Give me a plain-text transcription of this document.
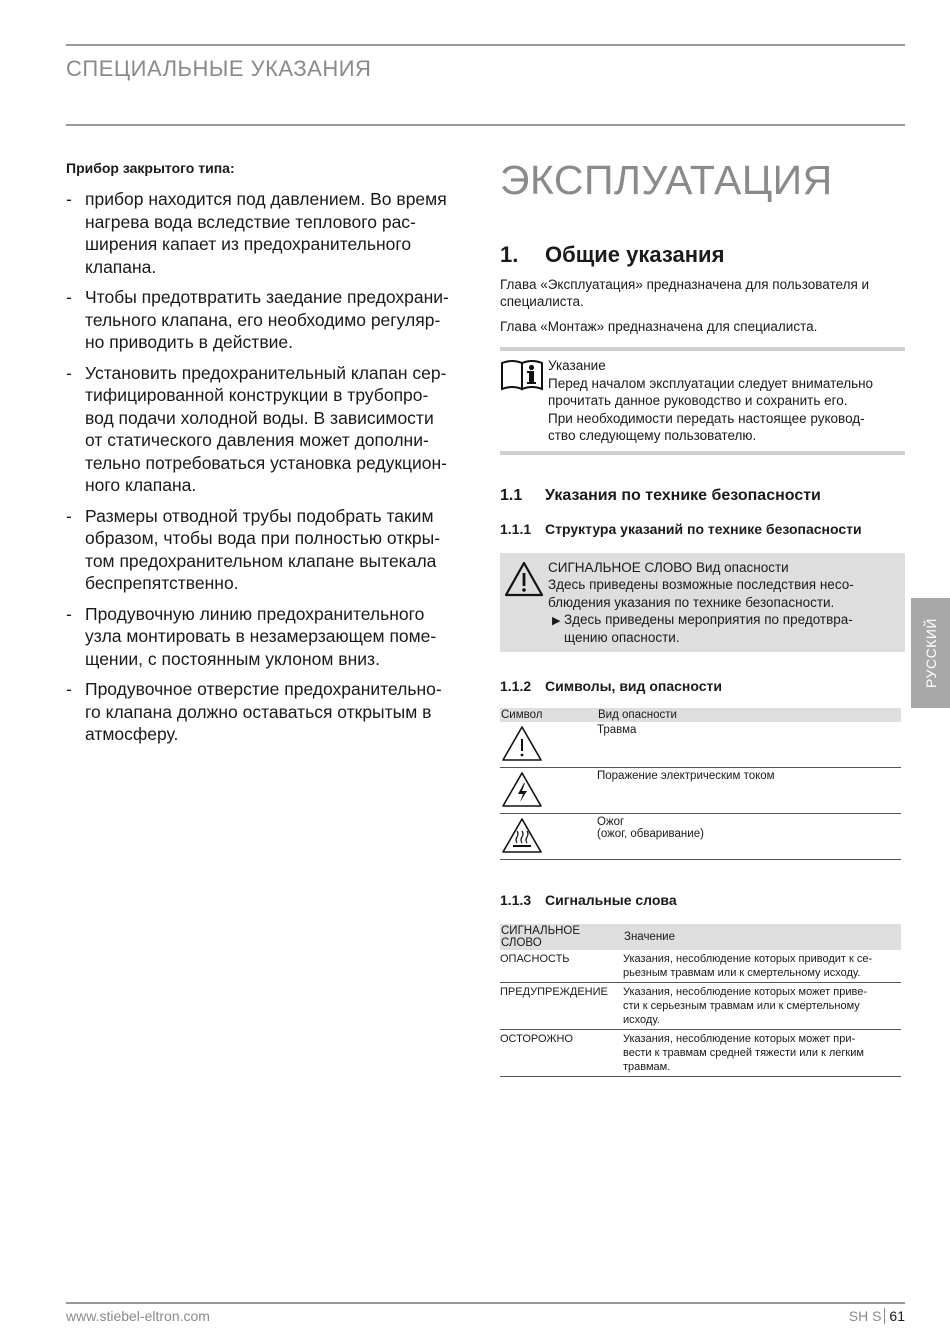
СПЕЦИАЛЬНЫЕ УКАЗАНИЯ
Прибор закрытого типа:
- прибор находится под давлением. Во время
нагрева вода вследствие теплового рас-
ширения капает из предохранительного
клапана.
- Чтобы предотвратить заедание предохрани-
тельного клапана, его необходимо регуляр-
но приводить в действие.
- Установить предохранительный клапан сер-
тифицированной конструкции в трубопро-
вод подачи холодной воды. В зависимости
от статического давления может дополни-
тельно потребоваться установка редукцион-
ного клапана.
- Размеры отводной трубы подобрать таким
образом, чтобы вода при полностью откры-
том предохранительном клапане вытекала
беспрепятственно.
- Продувочную линию предохранительного
узла монтировать в незамерзающем поме-
щении, с постоянным уклоном вниз.
- Продувочное отверстие предохранительно-
го клапана должно оставаться открытым в
атмосферу.
ЭКСПЛУАТАЦИЯ
1.	Общие указания
Глава «Эксплуатация» предназначена для пользователя и специалиста.
Глава «Монтаж» предназначена для специалиста.
Указание
Перед началом эксплуатации следует внимательно
прочитать данное руководство и сохранить его.
При необходимости передать настоящее руковод-
ство следующему пользователю.
1.1	Указания по технике безопасности
1.1.1 Структура указаний по технике безопасности
СИГНАЛЬНОЕ СЛОВО Вид опасности
Здесь приведены возможные последствия несо-
блюдения указания по технике безопасности.
▶ Здесь приведены мероприятия по предотвра-
щению опасности.
1.1.2 Символы, вид опасности
Символ	Вид опасности
	Травма
	Поражение электрическим током
	Ожог
(ожог, обваривание)
1.1.3 Сигнальные слова
СИГНАЛЬНОЕ СЛОВО	Значение
ОПАСНОСТЬ	Указания, несоблюдение которых приводит к се-
рьезным травмам или к смертельному исходу.
ПРЕДУПРЕЖДЕНИЕ	Указания, несоблюдение которых может приве-
сти к серьезным травмам или к смертельному
исходу.
ОСТОРОЖНО	Указания, несоблюдение которых может при-
вести к травмам средней тяжести или к легким
травмам.
РУССКИЙ
www.stiebel-eltron.com	SH S 61
